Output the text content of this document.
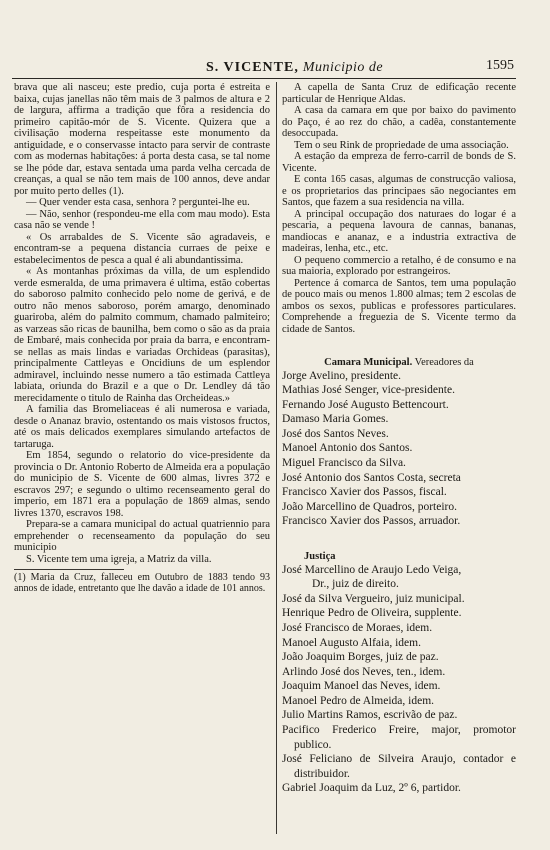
S. VICENTE, Municipio de	1595

brava que ali nasceu; este predio, cuja porta é estreita e baixa, cujas janellas não têm mais de 3 palmos de altura e 2 de largura, affirma a tradição que fôra a residencia do primeiro capitão-mór de S. Vicente. Quizera que a civilisação moderna respeitasse este monumento da antiguidade, e o conservasse intacto para servir de contraste com as modernas habitações: á porta desta casa, se tal nome se lhe póde dar, estava sentada uma parda velha cercada de creanças, a qual se não tem mais de 100 annos, deve andar por muito perto delles (1).

— Quer vender esta casa, senhora ? perguntei-lhe eu.

— Não, senhor (respondeu-me ella com mau modo). Esta casa não se vende !

« Os arrabaldes de S. Vicente são agradaveis, e encontram-se a pequena distancia curraes de peixe e estabelecimentos de pesca a qual é ali abundantissima.

« As montanhas próximas da villa, de um esplendido verde esmeralda, de uma primavera é ultima, estão cobertas do saboroso palmito conhecido pelo nome de gerivá, e de outro não menos saboroso, porém amargo, denominado guariroba, além do palmito commum, chamado palmiteiro; as varzeas são ricas de baunilha, bem como o são as da praia de Embaré, mais conhecida por praia da barra, e encontram-se nellas as mais lindas e variadas Orchideas (parasitas), principalmente Cattleyas e Oncidiuns de um esplendor admiravel, incluindo nesse numero a tão estimada Cattleya labiata, oriunda do Brazil e a que o Dr. Lendley dá tão merecidamente o titulo de Rainha das Orcheideas.»

A familia das Bromeliaceas é ali numerosa e variada, desde o Ananaz bravio, ostentando os mais vistosos fructos, até os mais delicados exemplares simulando artefactos de tartaruga.

Em 1854, segundo o relatorio do vice-presidente da provincia o Dr. Antonio Roberto de Almeida era a população do municipio de S. Vicente de 600 almas, livres 372 e escravos 297; e segundo o ultimo recenseamento geral do imperio, em 1871 era a população de 1869 almas, sendo livres 1370, escravos 198.

Prepara-se a camara municipal do actual quatriennio para emprehender o recenseamento da população do seu municipio

S. Vicente tem uma igreja, a Matriz da villa.

(1) Maria da Cruz, falleceu em Outubro de 1883 tendo 93 annos de idade, entretanto que lhe davão a idade de 101 annos.

A capella de Santa Cruz de edificação recente particular de Henrique Aldas.

A casa da camara em que por baixo do pavimento do Paço, é ao rez do chão, a cadêa, constantemente desoccupada.

Tem o seu Rink de propriedade de uma associação.

A estação da empreza de ferro-carril de bonds de S. Vicente.

E conta 165 casas, algumas de construcção valiosa, e os proprietarios das principaes são negociantes em Santos, que fazem a sua residencia na villa.

A principal occupação dos naturaes do logar é a pescaria, a pequena lavoura de cannas, bananas, mandiocas e ananaz, e a industria extractiva de madeiras, lenha, etc., etc.

O pequeno commercio a retalho, é de consumo e na sua maioria, explorado por estrangeiros.

Pertence á comarca de Santos, tem uma população de pouco mais ou menos 1.800 almas; tem 2 escolas de ambos os sexos, publicas e professores particulares. Comprehende a freguezia de S. Vicente termo da cidade de Santos.

Camara Municipal. Vereadores da
Jorge Avelino, presidente.
Mathias José Senger, vice-presidente.
Fernando José Augusto Bettencourt.
Damaso Maria Gomes.
José dos Santos Neves.
Manoel Antonio dos Santos.
Miguel Francisco da Silva.
José Antonio dos Santos Costa, secreta
Francisco Xavier dos Passos, fiscal.
João Marcellino de Quadros, porteiro.
Francisco Xavier dos Passos, arruador.
Justiça
José Marcellino de Araujo Ledo Veiga,
Dr., juiz de direito.
José da Silva Vergueiro, juiz municipal.
Henrique Pedro de Oliveira, supplente.
José Francisco de Moraes, idem.
Manoel Augusto Alfaia, idem.
João Joaquim Borges, juiz de paz.
Arlindo José dos Neves, ten., idem.
Joaquim Manoel das Neves, idem.
Manoel Pedro de Almeida, idem.
Julio Martins Ramos, escrivão de paz.
Pacifico Frederico Freire, major, promotor publico.
José Feliciano de Silveira Araujo, contador e distribuidor.
Gabriel Joaquim da Luz, 2º 6, partidor.
